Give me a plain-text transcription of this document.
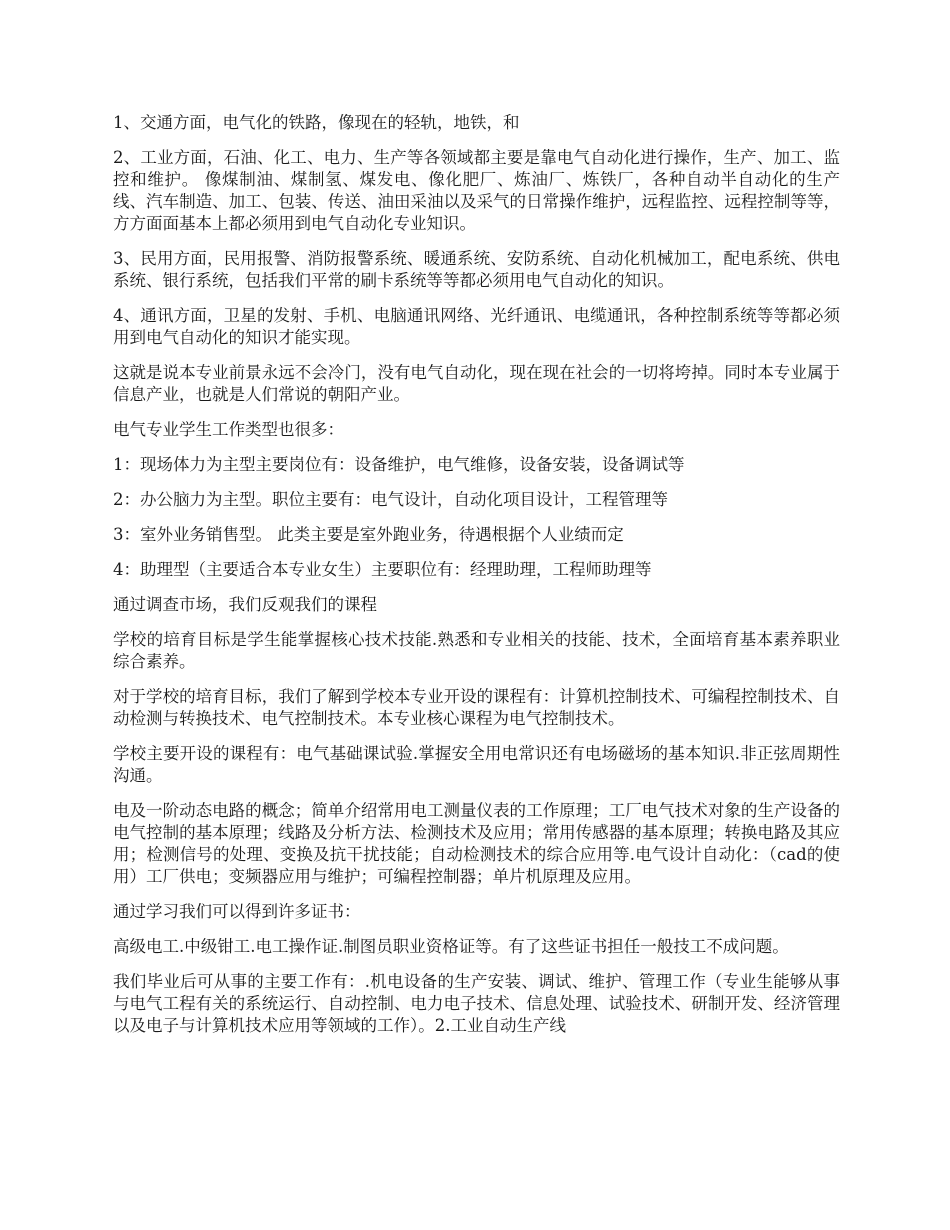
1、交通方面，电气化的铁路，像现在的轻轨，地铁，和

2、工业方面，石油、化工、电力、生产等各领域都主要是靠电气自动化进行操作，生产、加工、监控和维护。 像煤制油、煤制氢、煤发电、像化肥厂、炼油厂、炼铁厂，各种自动半自动化的生产线、汽车制造、加工、包装、传送、油田采油以及采气的日常操作维护，远程监控、远程控制等等，方方面面基本上都必须用到电气自动化专业知识。

3、民用方面，民用报警、消防报警系统、暖通系统、安防系统、自动化机械加工，配电系统、供电系统、银行系统，包括我们平常的刷卡系统等等都必须用电气自动化的知识。

4、通讯方面，卫星的发射、手机、电脑通讯网络、光纤通讯、电缆通讯，各种控制系统等等都必须用到电气自动化的知识才能实现。

这就是说本专业前景永远不会冷门，没有电气自动化，现在现在社会的一切将垮掉。同时本专业属于信息产业，也就是人们常说的朝阳产业。

电气专业学生工作类型也很多：

1：现场体力为主型主要岗位有：设备维护，电气维修，设备安装，设备调试等

2：办公脑力为主型。职位主要有：电气设计，自动化项目设计，工程管理等

3：室外业务销售型。 此类主要是室外跑业务，待遇根据个人业绩而定

4：助理型（主要适合本专业女生）主要职位有：经理助理，工程师助理等

通过调查市场，我们反观我们的课程

学校的培育目标是学生能掌握核心技术技能.熟悉和专业相关的技能、技术，全面培育基本素养职业综合素养。

对于学校的培育目标，我们了解到学校本专业开设的课程有：计算机控制技术、可编程控制技术、自动检测与转换技术、电气控制技术。本专业核心课程为电气控制技术。

学校主要开设的课程有：电气基础课试验.掌握安全用电常识还有电场磁场的基本知识.非正弦周期性沟通。

电及一阶动态电路的概念；简单介绍常用电工测量仪表的工作原理；工厂电气技术对象的生产设备的电气控制的基本原理；线路及分析方法、检测技术及应用；常用传感器的基本原理；转换电路及其应用；检测信号的处理、变换及抗干扰技能；自动检测技术的综合应用等.电气设计自动化：（cad的使用）工厂供电；变频器应用与维护；可编程控制器；单片机原理及应用。

通过学习我们可以得到许多证书：

高级电工.中级钳工.电工操作证.制图员职业资格证等。有了这些证书担任一般技工不成问题。

我们毕业后可从事的主要工作有：.机电设备的生产安装、调试、维护、管理工作（专业生能够从事与电气工程有关的系统运行、自动控制、电力电子技术、信息处理、试验技术、研制开发、经济管理以及电子与计算机技术应用等领域的工作）。2.工业自动生产线
